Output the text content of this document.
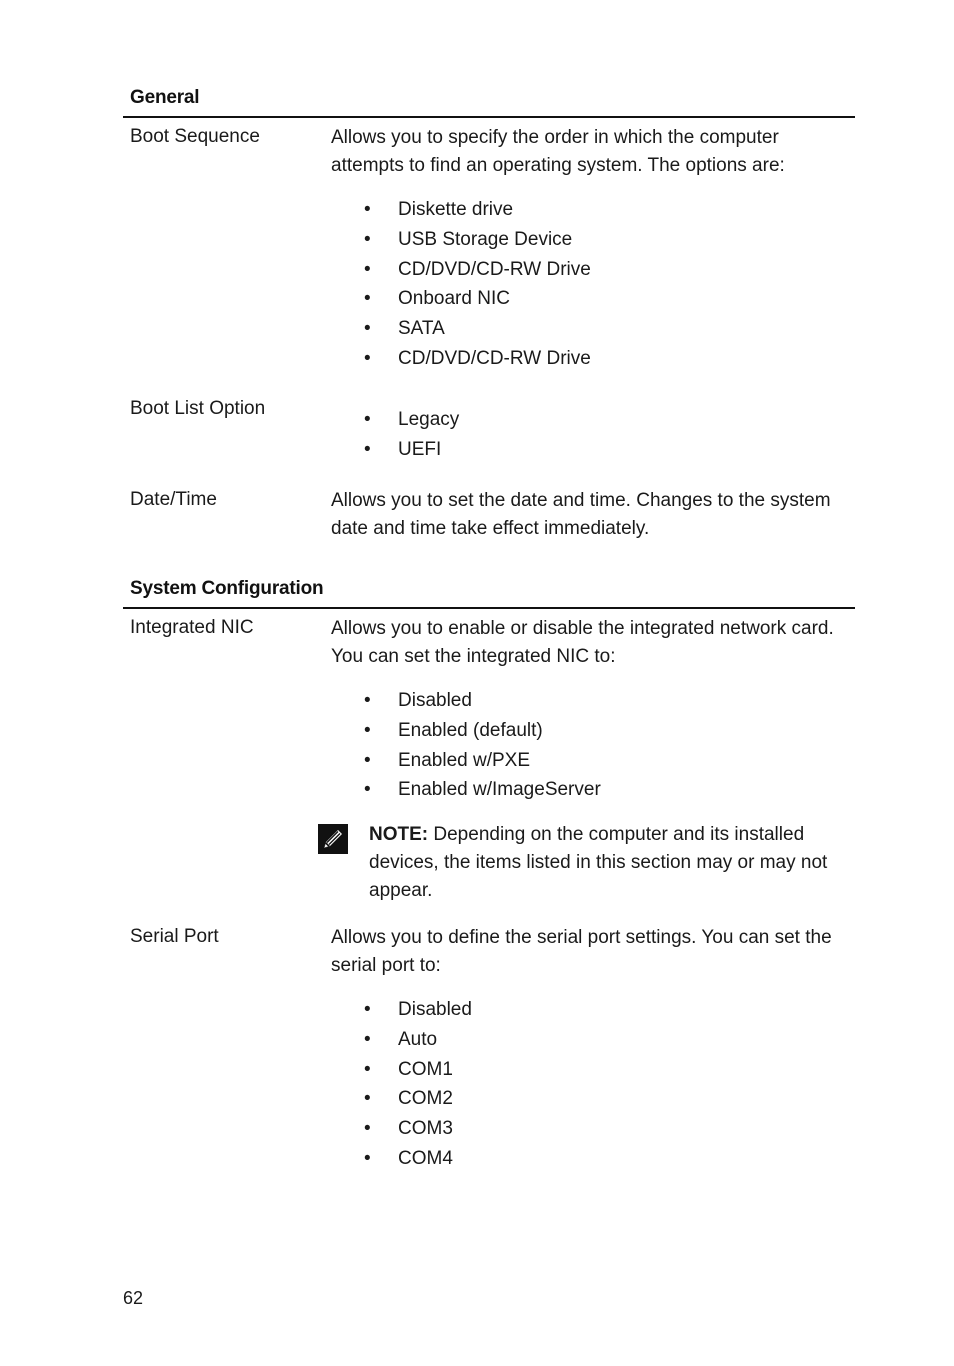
General
Boot Sequence	Allows you to specify the order in which the computer attempts to find an operating system. The options are:
• Diskette drive
• USB Storage Device
• CD/DVD/CD-RW Drive
• Onboard NIC
• SATA
• CD/DVD/CD-RW Drive
Boot List Option
• Legacy
• UEFI
Date/Time	Allows you to set the date and time. Changes to the system date and time take effect immediately.
System Configuration
Integrated NIC	Allows you to enable or disable the integrated network card. You can set the integrated NIC to:
• Disabled
• Enabled (default)
• Enabled w/PXE
• Enabled w/ImageServer
NOTE: Depending on the computer and its installed devices, the items listed in this section may or may not appear.
Serial Port	Allows you to define the serial port settings. You can set the serial port to:
• Disabled
• Auto
• COM1
• COM2
• COM3
• COM4
62
